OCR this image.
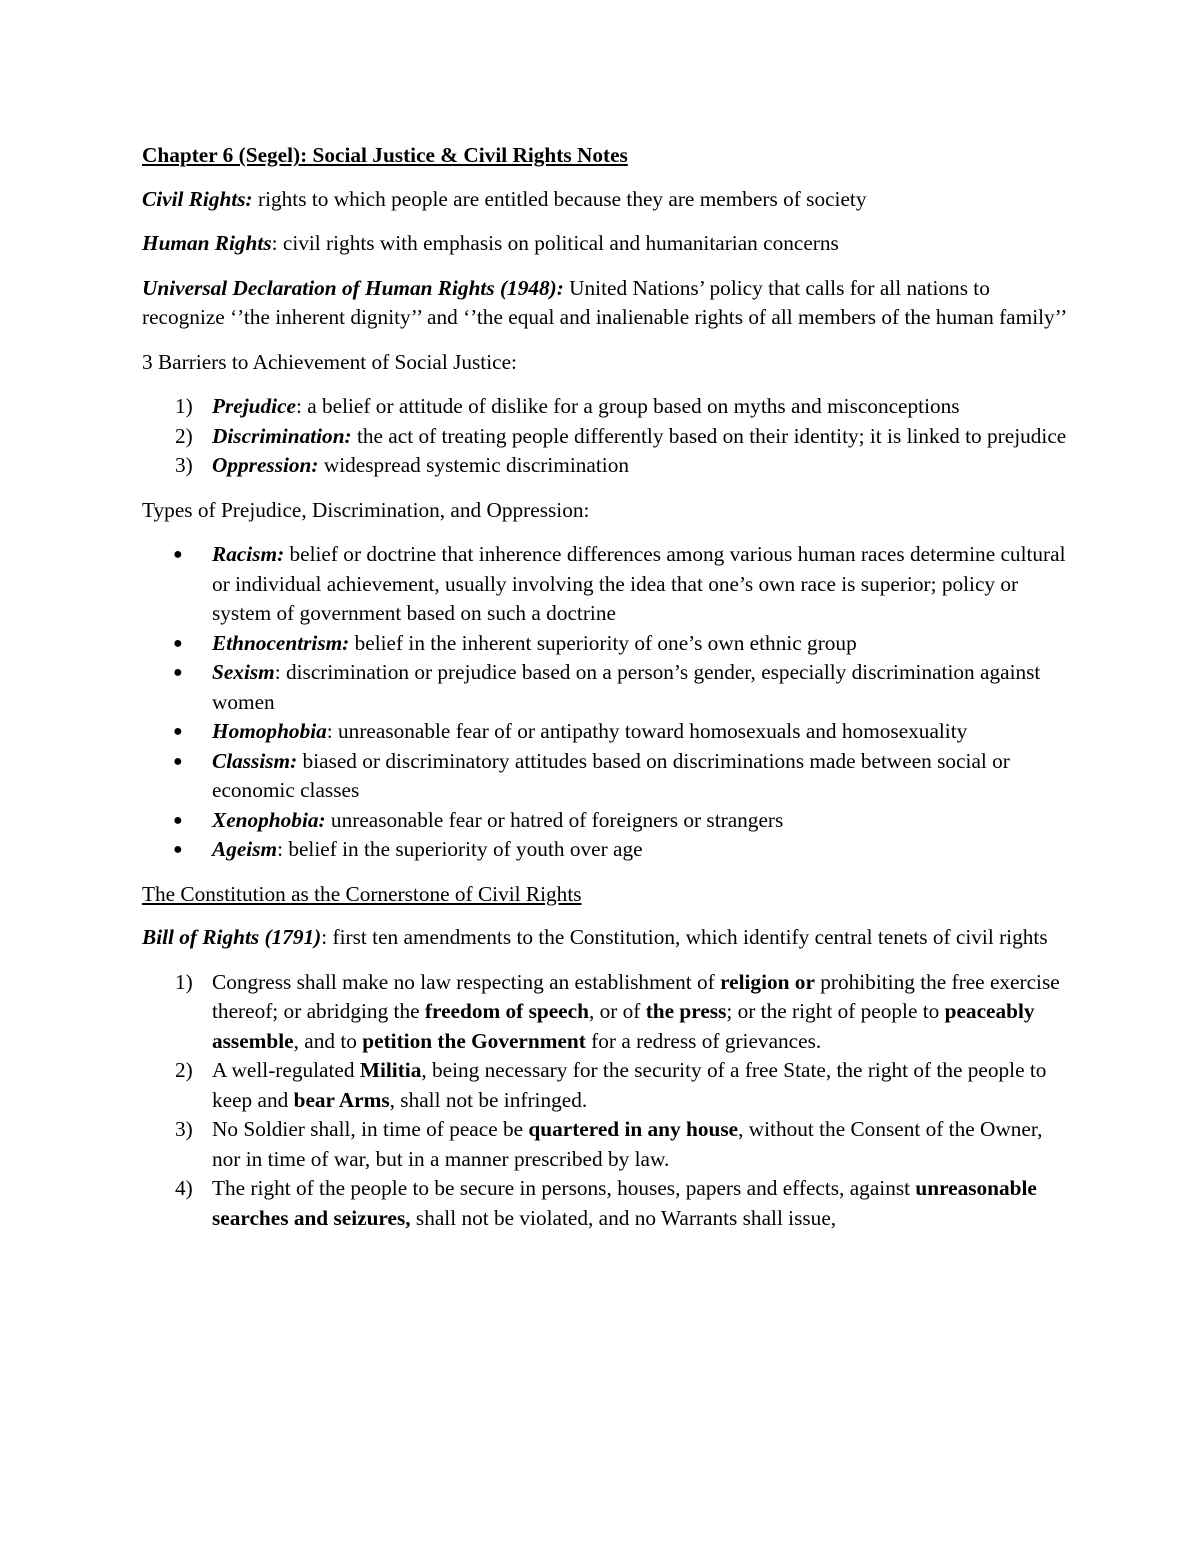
Chapter 6 (Segel): Social Justice & Civil Rights Notes

Civil Rights: rights to which people are entitled because they are members of society

Human Rights: civil rights with emphasis on political and humanitarian concerns

Universal Declaration of Human Rights (1948): United Nations’ policy that calls for all nations to recognize ‘’the inherent dignity’’ and ‘’the equal and inalienable rights of all members of the human family’’

3 Barriers to Achievement of Social Justice:

1) Prejudice: a belief or attitude of dislike for a group based on myths and misconceptions
2) Discrimination: the act of treating people differently based on their identity; it is linked to prejudice
3) Oppression: widespread systemic discrimination

Types of Prejudice, Discrimination, and Oppression:

● Racism: belief or doctrine that inherence differences among various human races determine cultural or individual achievement, usually involving the idea that one’s own race is superior; policy or system of government based on such a doctrine
● Ethnocentrism: belief in the inherent superiority of one’s own ethnic group
● Sexism: discrimination or prejudice based on a person’s gender, especially discrimination against women
● Homophobia: unreasonable fear of or antipathy toward homosexuals and homosexuality
● Classism: biased or discriminatory attitudes based on discriminations made between social or economic classes
● Xenophobia: unreasonable fear or hatred of foreigners or strangers
● Ageism: belief in the superiority of youth over age

The Constitution as the Cornerstone of Civil Rights

Bill of Rights (1791): first ten amendments to the Constitution, which identify central tenets of civil rights

1) Congress shall make no law respecting an establishment of religion or prohibiting the free exercise thereof; or abridging the freedom of speech, or of the press; or the right of people to peaceably assemble, and to petition the Government for a redress of grievances.
2) A well-regulated Militia, being necessary for the security of a free State, the right of the people to keep and bear Arms, shall not be infringed.
3) No Soldier shall, in time of peace be quartered in any house, without the Consent of the Owner, nor in time of war, but in a manner prescribed by law.
4) The right of the people to be secure in persons, houses, papers and effects, against unreasonable searches and seizures, shall not be violated, and no Warrants shall issue,
